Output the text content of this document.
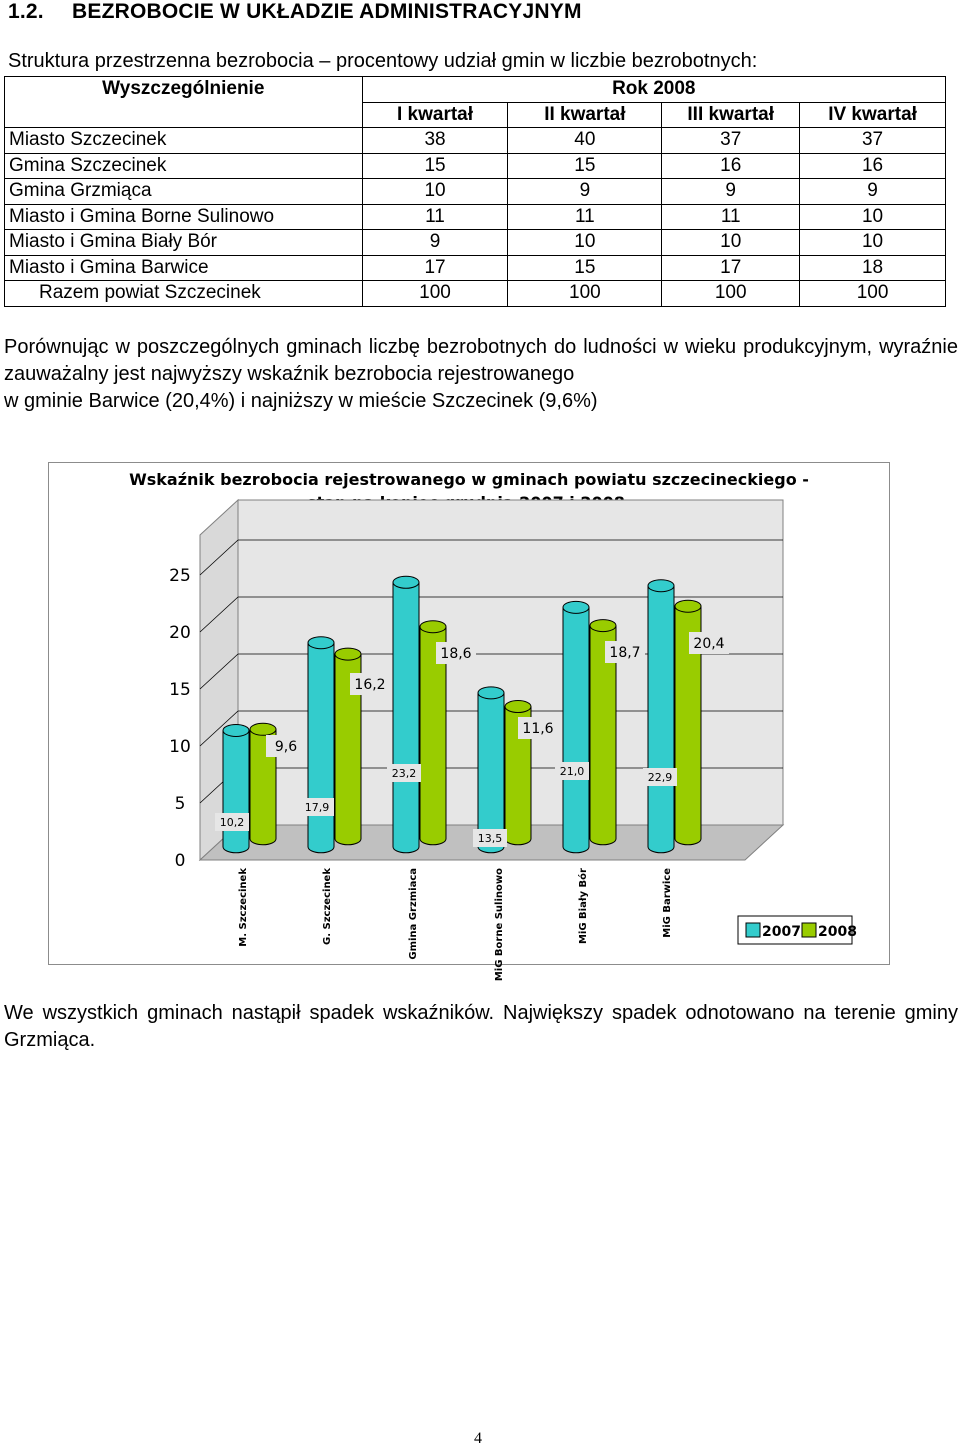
1.2. BEZROBOCIE W UKŁADZIE ADMINISTRACYJNYM
Struktura przestrzenna bezrobocia – procentowy udział gmin w liczbie bezrobotnych:
Wyszczególnienie	Rok 2008			
	I kwartał	II kwartał	III kwartał	IV kwartał
Miasto Szczecinek	38	40	37	37
Gmina Szczecinek	15	15	16	16
Gmina Grzmiąca	10	9	9	9
Miasto i Gmina Borne Sulinowo	11	11	11	10
Miasto i Gmina Biały Bór	9	10	10	10
Miasto i Gmina Barwice	17	15	17	18
Razem powiat Szczecinek	100	100	100	100
Porównując w poszczególnych gminach liczbę bezrobotnych do ludności w wieku produkcyjnym, wyraźnie zauważalny jest najwyższy wskaźnik bezrobocia rejestrowanego
w gminie Barwice (20,4%) i najniższy w mieście Szczecinek (9,6%)
Wskaźnik bezrobocia rejestrowanego w gminach powiatu szczecineckiego -
0
5
10
15
20
25
10,2
17,9
23,2
13,5
21,0	22,9
9,6
16,2
18,6
11,6
18,7
20,4
M. Szczecinek	G. Szczecinek	Gmina Grzmiaca	MiG Borne Sulinowo	MiG Biały Bór	MiG Barwice	2007 2008
We wszystkich gminach nastąpił spadek wskaźników. Największy spadek odnotowano na terenie gminy Grzmiąca.
4
